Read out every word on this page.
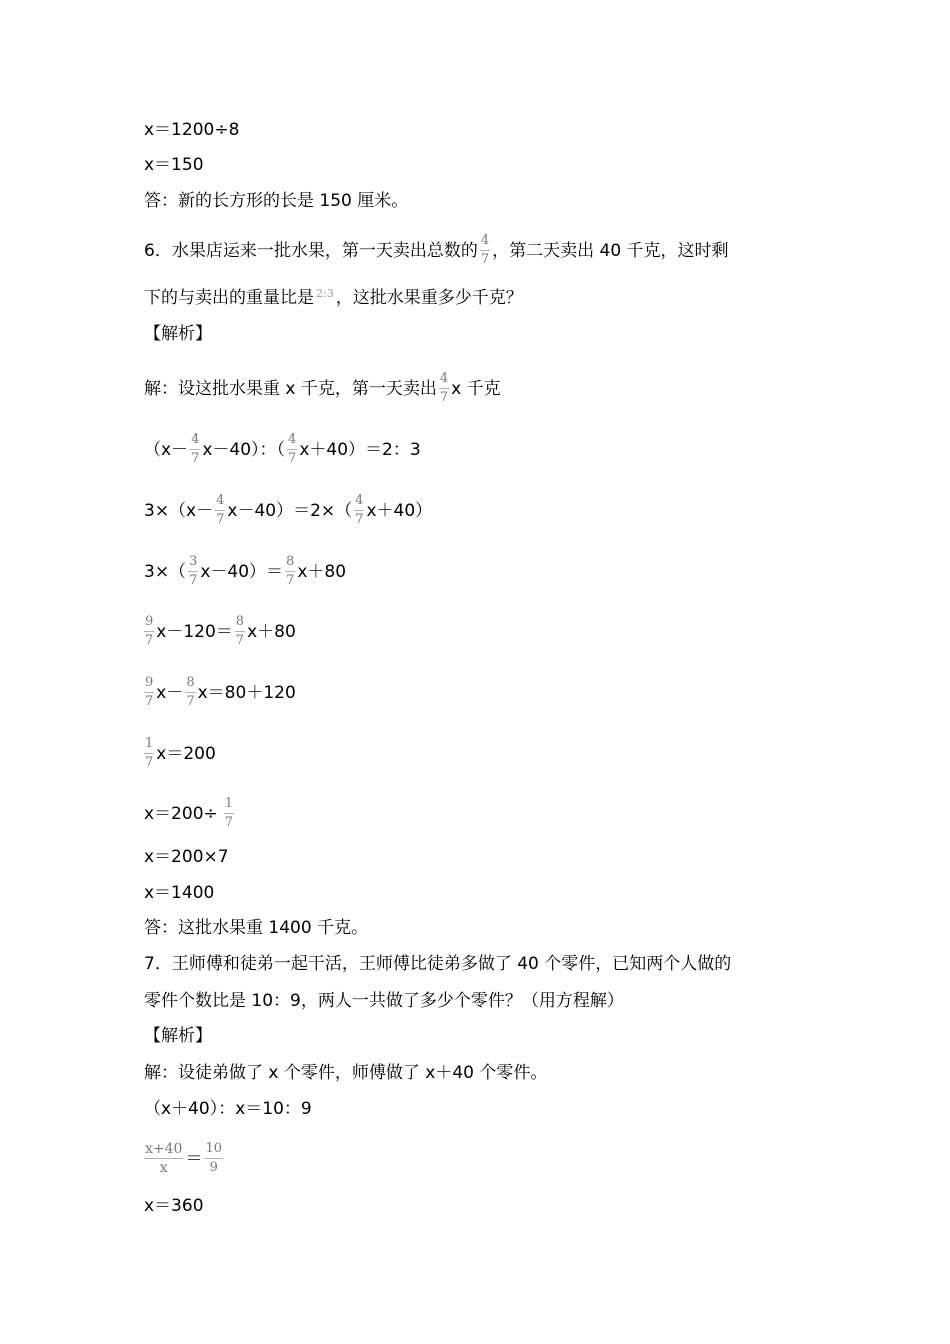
x＝1200÷8
x＝150
答：新的长方形的长是 150 厘米。
6．水果店运来一批水果，第一天卖出总数的 $\frac{4}{7}$ ，第二天卖出 40 千克，这时剩
下的与卖出的重量比是 2:3 ，这批水果重多少千克？
【解析】
解：设这批水果重 x 千克，第一天卖出 $\frac{4}{7}$ x 千克
$(x- \frac{4}{7} x-40)$：（ $\frac{4}{7} x+40)=2$：3
$3\times(x- \frac{4}{7} x-40)=2\times( \frac{4}{7} x+40)$
$3\times( \frac{3}{7} x-40)= \frac{8}{7} x+80$
$\frac{9}{7} x-120= \frac{8}{7} x+80$
$\frac{9}{7} x- \frac{8}{7} x=80+120$
$\frac{1}{7} x=200$
$x=200\div \frac{1}{7}$
x＝200×7
x＝1400
答：这批水果重 1400 千克。
7．王师傅和徒弟一起干活，王师傅比徒弟多做了 40 个零件，已知两个人做的
零件个数比是 10：9，两人一共做了多少个零件？（用方程解）
【解析】
解：设徒弟做了 x 个零件，师傅做了 x＋40 个零件。
（x＋40）：x＝10：9
$\frac{x+40}{x} = \frac{10}{9}$
x＝360
